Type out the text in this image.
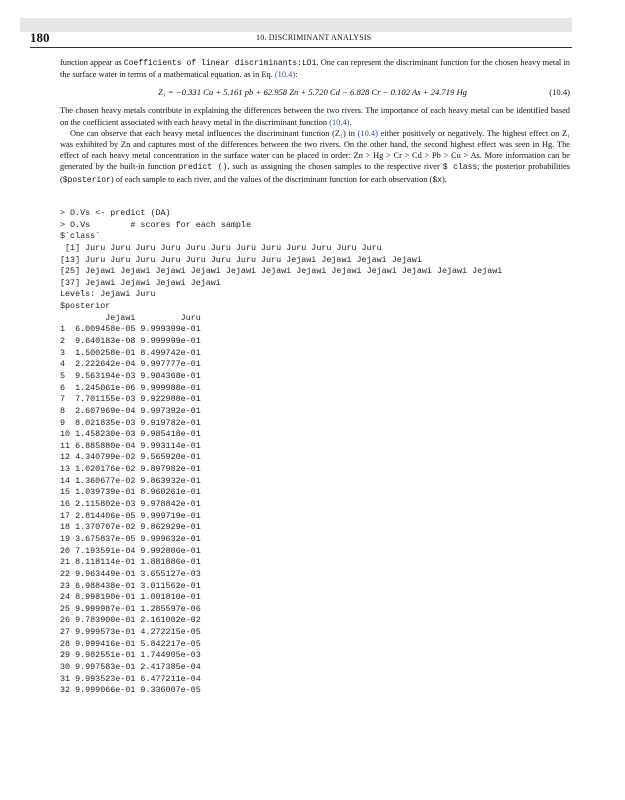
180	10. DISCRIMINANT ANALYSIS

function appear as Coefficients of linear discriminants:LD1. One can represent the discriminant function for the chosen heavy metal in the surface water in terms of a mathematical equation. as in Eq. (10.4):

Z₁ = −0.331 Cu + 5.161 pb + 62.958 Zn + 5.720 Cd − 6.828 Cr − 0.102 As + 24.719 Hg	(10.4)

The chosen heavy metals contribute in explaining the differences between the two rivers. The importance of each heavy metal can be identified based on the coefficient associated with each heavy metal in the discriminant function (10.4).

One can observe that each heavy metal influences the discriminant function (Z₁) in (10.4) either positively or negatively. The highest effect on Z₁ was exhibited by Zn and captures most of the differences between the two rivers. On the other hand, the second highest effect was seen in Hg. The effect of each heavy metal concentration in the surface water can be placed in order: Zn > Hg > Cr > Cd > Pb > Cu > As. More information can be generated by the built-in function predict (), such as assigning the chosen samples to the respective river $ class, the posterior probabilities ($posterior) of each sample to each river, and the values of the discriminant function for each observation ($x).

> O.Vs <- predict (DA)
> O.Vs        # scores for each sample
$`class`
[1] Juru Juru Juru Juru Juru Juru Juru Juru Juru Juru Juru Juru
[13] Juru Juru Juru Juru Juru Juru Juru Juru Jejawi Jejawi Jejawi Jejawi
[25] Jejawi Jejawi Jejawi Jejawi Jejawi Jejawi Jejawi Jejawi Jejawi Jejawi Jejawi Jejawi
[37] Jejawi Jejawi Jejawi Jejawi
Levels: Jejawi Juru
$posterior
Jejawi         Juru
1  6.009458e-05 9.999399e-01
2  9.640183e-08 9.999999e-01
3  1.500258e-01 8.499742e-01
4  2.222642e-04 9.997777e-01
5  9.563194e-03 9.904368e-01
6  1.245061e-06 9.999988e-01
7  7.701155e-03 9.922988e-01
8  2.607969e-04 9.997392e-01
9  8.021835e-03 9.919782e-01
10 1.458230e-03 9.985418e-01
11 6.885880e-04 9.993114e-01
12 4.340799e-02 9.565920e-01
13 1.020176e-02 9.897982e-01
14 1.360677e-02 9.863932e-01
15 1.039739e-01 8.960261e-01
16 2.115802e-03 9.978842e-01
17 2.814406e-05 9.999719e-01
18 1.370707e-02 9.862929e-01
19 3.675837e-05 9.999632e-01
20 7.193591e-04 9.992806e-01
21 8.118114e-01 1.881886e-01
22 9.963449e-01 3.655127e-03
23 6.988438e-01 3.011562e-01
24 8.998190e-01 1.001810e-01
25 9.999987e-01 1.285597e-06
26 9.783900e-01 2.161002e-02
27 9.999573e-01 4.272215e-05
28 9.999416e-01 5.842217e-05
29 9.982551e-01 1.744905e-03
30 9.997583e-01 2.417385e-04
31 9.993523e-01 6.477211e-04
32 9.999066e-01 9.336007e-05
